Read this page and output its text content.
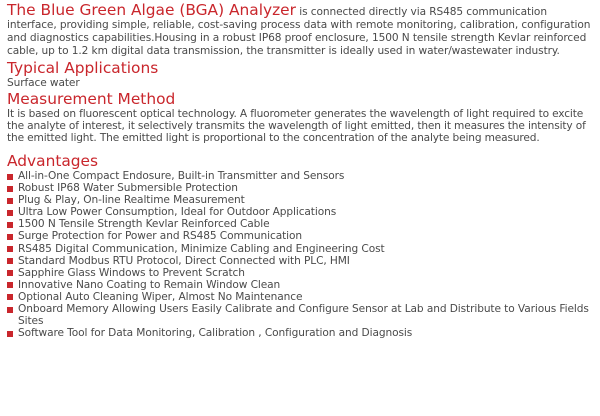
The Blue Green Algae (BGA) Analyzer is connected directly via RS485 communication interface, providing simple, reliable, cost-saving process data with remote monitoring, calibration, configuration and diagnostics capabilities.Housing in a robust IP68 proof enclosure, 1500 N tensile strength Kevlar reinforced cable, up to 1.2 km digital data transmission, the transmitter is ideally used in water/wastewater industry.

Typical Applications

Surface water

Measurement Method

It is based on fluorescent optical technology. A fluorometer generates the wavelength of light required to excite the analyte of interest, it selectively transmits the wavelength of light emitted, then it measures the intensity of the emitted light. The emitted light is proportional to the concentration of the analyte being measured.

Advantages
All-in-One Compact Endosure, Built-in Transmitter and Sensors
Robust IP68 Water Submersible Protection
Plug & Play, On-line Realtime Measurement
Ultra Low Power Consumption, Ideal for Outdoor Applications
1500 N Tensile Strength Kevlar Reinforced Cable
Surge Protection for Power and RS485 Communication
RS485 Digital Communication, Minimize Cabling and Engineering Cost
Standard Modbus RTU Protocol, Direct Connected with PLC, HMI
Sapphire Glass Windows to Prevent Scratch
Innovative Nano Coating to Remain Window Clean
Optional Auto Cleaning Wiper, Almost No Maintenance
Onboard Memory Allowing Users Easily Calibrate and Configure Sensor at Lab and Distribute to Various Fields Sites
Software Tool for Data Monitoring, Calibration , Configuration and Diagnosis
